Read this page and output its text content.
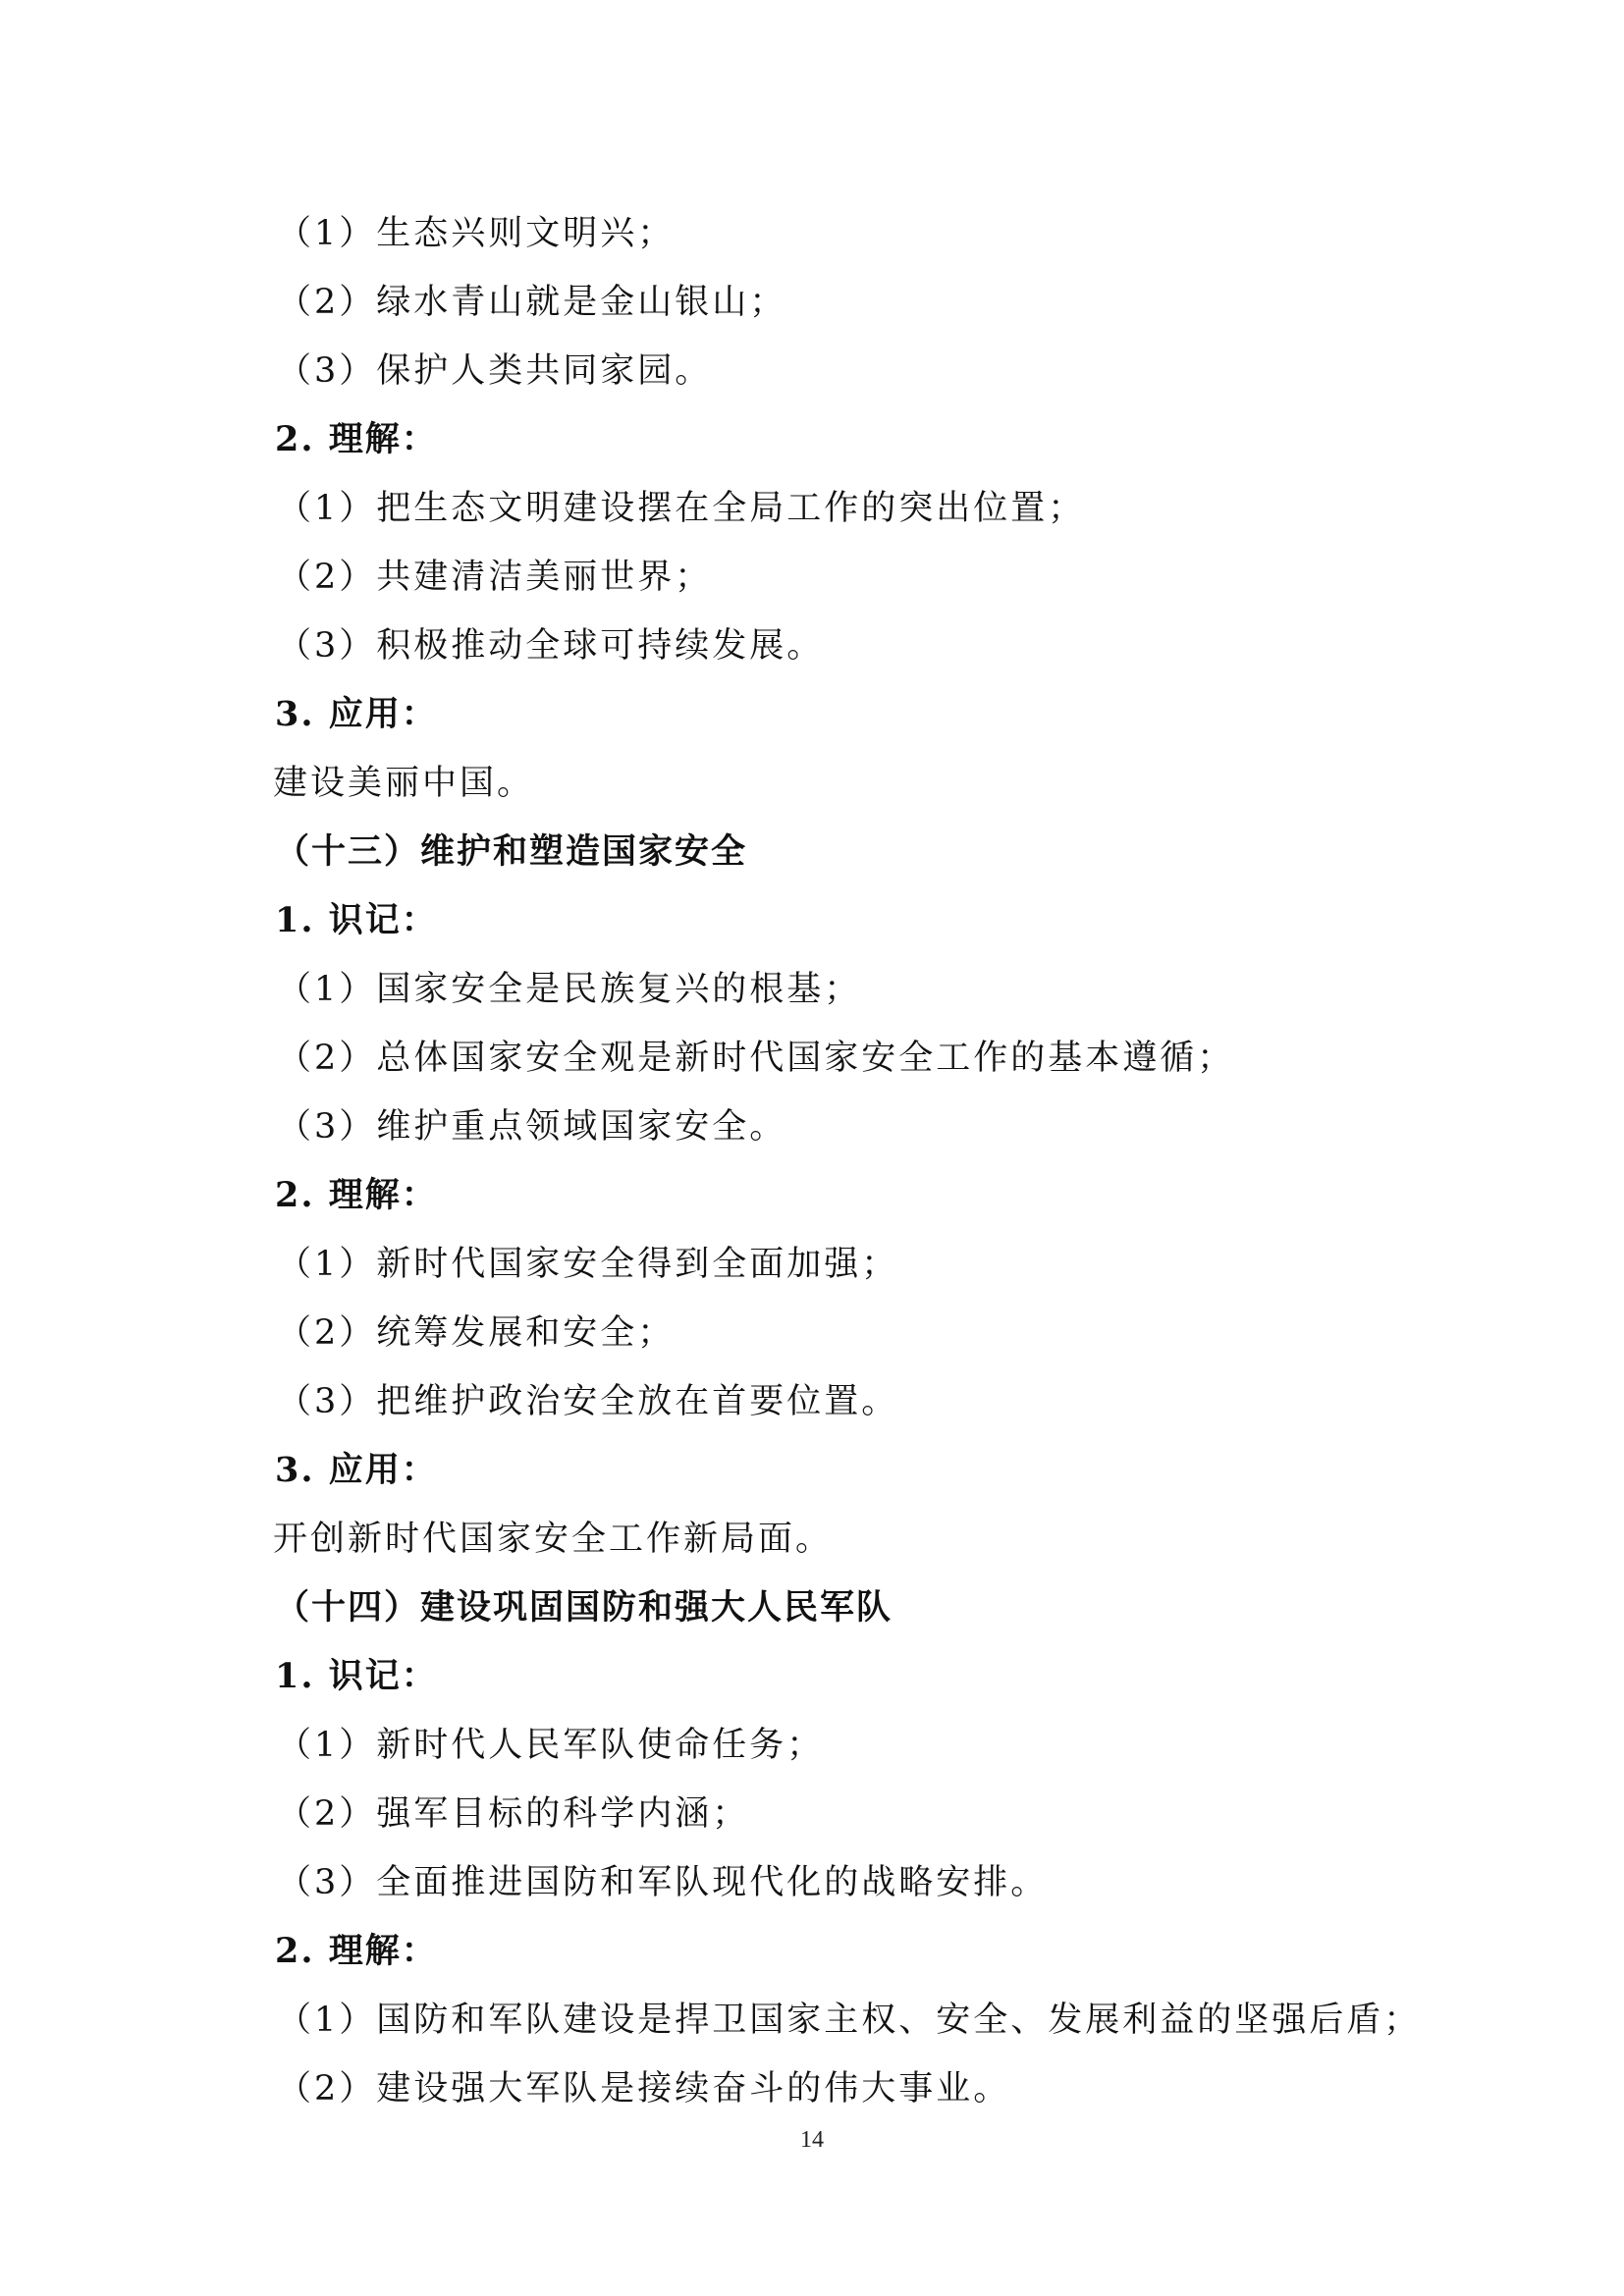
（1）生态兴则文明兴；
（2）绿水青山就是金山银山；
（3）保护人类共同家园。
2. 理解：
（1）把生态文明建设摆在全局工作的突出位置；
（2）共建清洁美丽世界；
（3）积极推动全球可持续发展。
3. 应用：
建设美丽中国。
（十三）维护和塑造国家安全
1. 识记：
（1）国家安全是民族复兴的根基；
（2）总体国家安全观是新时代国家安全工作的基本遵循；
（3）维护重点领域国家安全。
2. 理解：
（1）新时代国家安全得到全面加强；
（2）统筹发展和安全；
（3）把维护政治安全放在首要位置。
3. 应用：
开创新时代国家安全工作新局面。
（十四）建设巩固国防和强大人民军队
1. 识记：
（1）新时代人民军队使命任务；
（2）强军目标的科学内涵；
（3）全面推进国防和军队现代化的战略安排。
2. 理解：
（1）国防和军队建设是捍卫国家主权、安全、发展利益的坚强后盾；
（2）建设强大军队是接续奋斗的伟大事业。
14
